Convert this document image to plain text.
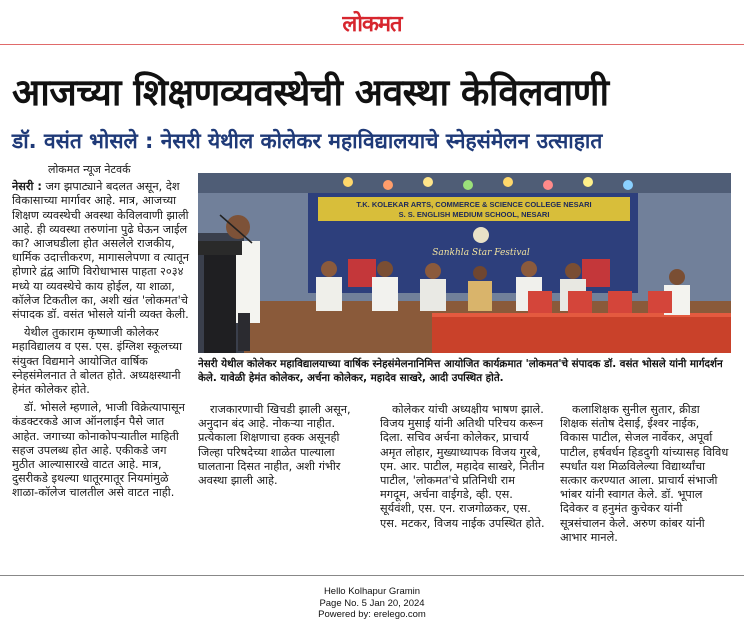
लोकमत
आजच्या शिक्षणव्यवस्थेची अवस्था केविलवाणी
डॉ. वसंत भोसले : नेसरी येथील कोलेकर महाविद्यालयाचे स्नेहसंमेलन उत्साहात
लोकमत न्यूज नेटवर्क

नेसरी : जग झपाट्याने बदलत असून, देश विकासाच्या मार्गावर आहे. मात्र, आजच्या शिक्षण व्यवस्थेची अवस्था केविलवाणी झाली आहे. ही व्यवस्था तरुणांना पुढे घेऊन जाईल का? आजघडीला होत असलेले राजकीय, धार्मिक उदात्तीकरण, मागासलेपणा व त्यातून होणारे द्वंद्व आणि विरोधाभास पाहता २०३४ मध्ये या व्यवस्थेचे काय होईल, या शाळा, कॉलेज टिकतील का, अशी खंत 'लोकमत'चे संपादक डॉ. वसंत भोसले यांनी व्यक्त केली.

येथील तुकाराम कृष्णाजी कोलेकर महाविद्यालय व एस. एस. इंग्लिश स्कूलच्या संयुक्त विद्यमाने आयोजित वार्षिक स्नेहसंमेलनात ते बोलत होते. अध्यक्षस्थानी हेमंत कोलेकर होते.

डॉ. भोसले म्हणाले, भाजी विक्रेत्यापासून कंडक्टरकडे आज ऑनलाईन पैसे जात आहेत. जगाच्या कोनाकोपऱ्यातील माहिती सहज उपलब्ध होत आहे. एकीकडे जग मुठीत आल्यासारखे वाटत आहे. मात्र, दुसरीकडे इथल्या धातूरमातूर नियमांमुळे शाळा-कॉलेज चालतील असे वाटत नाही.

T.K. KOLEKAR ARTS, COMMERCE & SCIENCE COLLEGE NESARI
S. S. ENGLISH MEDIUM SCHOOL, NESARI
Sankhla Star Festival

नेसरी येथील कोलेकर महाविद्यालयाच्या वार्षिक स्नेहसंमेलनानिमित्त आयोजित कार्यक्रमात 'लोकमत'चे संपादक डॉ. वसंत भोसले यांनी मार्गदर्शन केले. यावेळी हेमंत कोलेकर, अर्चना कोलेकर, महादेव साखरे, आदी उपस्थित होते.

राजकारणाची खिचडी झाली असून, अनुदान बंद आहे. नोकऱ्या नाहीत. प्रत्येकाला शिक्षणाचा हक्क असूनही जिल्हा परिषदेच्या शाळेत पाल्याला घालताना दिसत नाहीत, अशी गंभीर अवस्था झाली आहे.

कोलेकर यांची अध्यक्षीय भाषण झाले. विजय मुसाई यांनी अतिथी परिचय करून दिला. सचिव अर्चना कोलेकर, प्राचार्य अमृत लोहार, मुख्याध्यापक विजय गुरबे, एम. आर. पाटील, महादेव साखरे, नितीन पाटील, 'लोकमत'चे प्रतिनिधी राम मगदूम, अर्चना वाईगडे, व्ही. एस. सूर्यवंशी, एस. एन. राजगोळकर, एस. एस. मटकर, विजय नाईक उपस्थित होते.

कलाशिक्षक सुनील सुतार, क्रीडा शिक्षक संतोष देसाई, ईश्वर नाईक, विकास पाटील, सेजल नार्वेकर, अपूर्वा पाटील, हर्षवर्धन हिडदुगी यांच्यासह विविध स्पर्धांत यश मिळविलेल्या विद्यार्थ्यांचा सत्कार करण्यात आला. प्राचार्य संभाजी भांबर यांनी स्वागत केले. डॉ. भूपाल दिवेकर व हनुमंत कुचेकर यांनी सूत्रसंचालन केले. अरुण कांबर यांनी आभार मानले.

Hello Kolhapur Gramin
Page No. 5 Jan 20, 2024
Powered by: erelego.com
